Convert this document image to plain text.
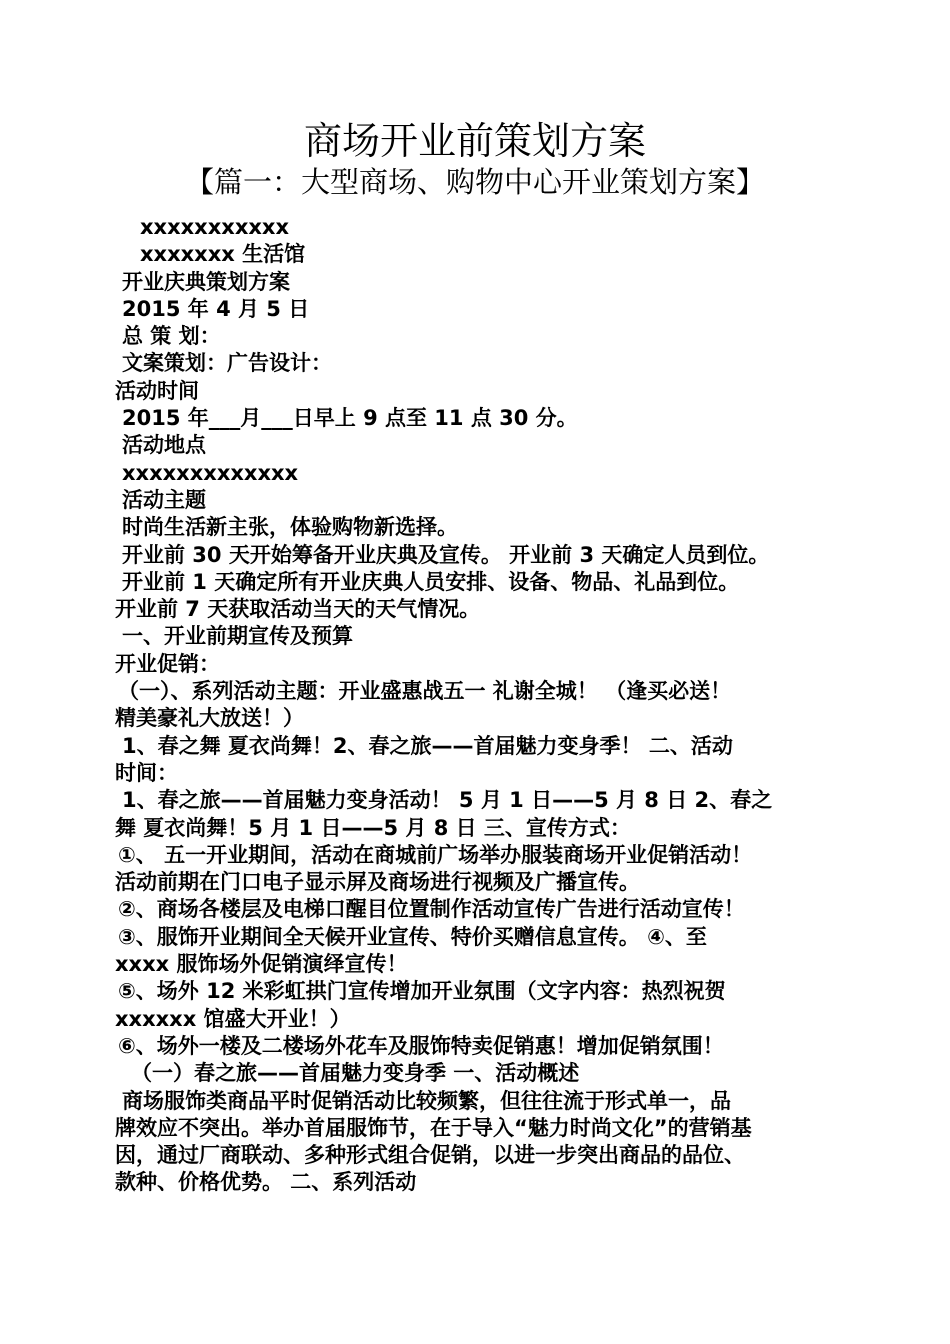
商场开业前策划方案
【篇一：大型商场、购物中心开业策划方案】

xxxxxxxxxxx

xxxxxxx 生活馆

开业庆典策划方案

2015 年 4 月 5 日

总 策 划：

文案策划：广告设计：

活动时间

2015 年___月___日早上 9 点至 11 点 30 分。

活动地点

xxxxxxxxxxxxx

活动主题

时尚生活新主张，体验购物新选择。

开业前 30 天开始筹备开业庆典及宣传。 开业前 3 天确定人员到位。

开业前 1 天确定所有开业庆典人员安排、设备、物品、礼品到位。

开业前 7 天获取活动当天的天气情况。

一、开业前期宣传及预算

开业促销：

（一）、系列活动主题：开业盛惠战五一 礼谢全城！ （逢买必送！

精美豪礼大放送！）

1、春之舞 夏衣尚舞！2、春之旅——首届魅力变身季！ 二、活动

时间：

1、春之旅——首届魅力变身活动！ 5 月 1 日——5 月 8 日 2、春之

舞 夏衣尚舞！5 月 1 日——5 月 8 日 三、宣传方式：

①、 五一开业期间，活动在商城前广场举办服装商场开业促销活动！

活动前期在门口电子显示屏及商场进行视频及广播宣传。

②、商场各楼层及电梯口醒目位置制作活动宣传广告进行活动宣传！

③、服饰开业期间全天候开业宣传、特价买赠信息宣传。 ④、至

xxxx 服饰场外促销演绎宣传！

⑤、场外 12 米彩虹拱门宣传增加开业氛围（文字内容：热烈祝贺

xxxxxx 馆盛大开业！）

⑥、场外一楼及二楼场外花车及服饰特卖促销惠！增加促销氛围！

（一）春之旅——首届魅力变身季 一、活动概述

商场服饰类商品平时促销活动比较频繁，但往往流于形式单一，品

牌效应不突出。举办首届服饰节，在于导入“魅力时尚文化”的营销基

因，通过厂商联动、多种形式组合促销，以进一步突出商品的品位、

款种、价格优势。 二、系列活动
